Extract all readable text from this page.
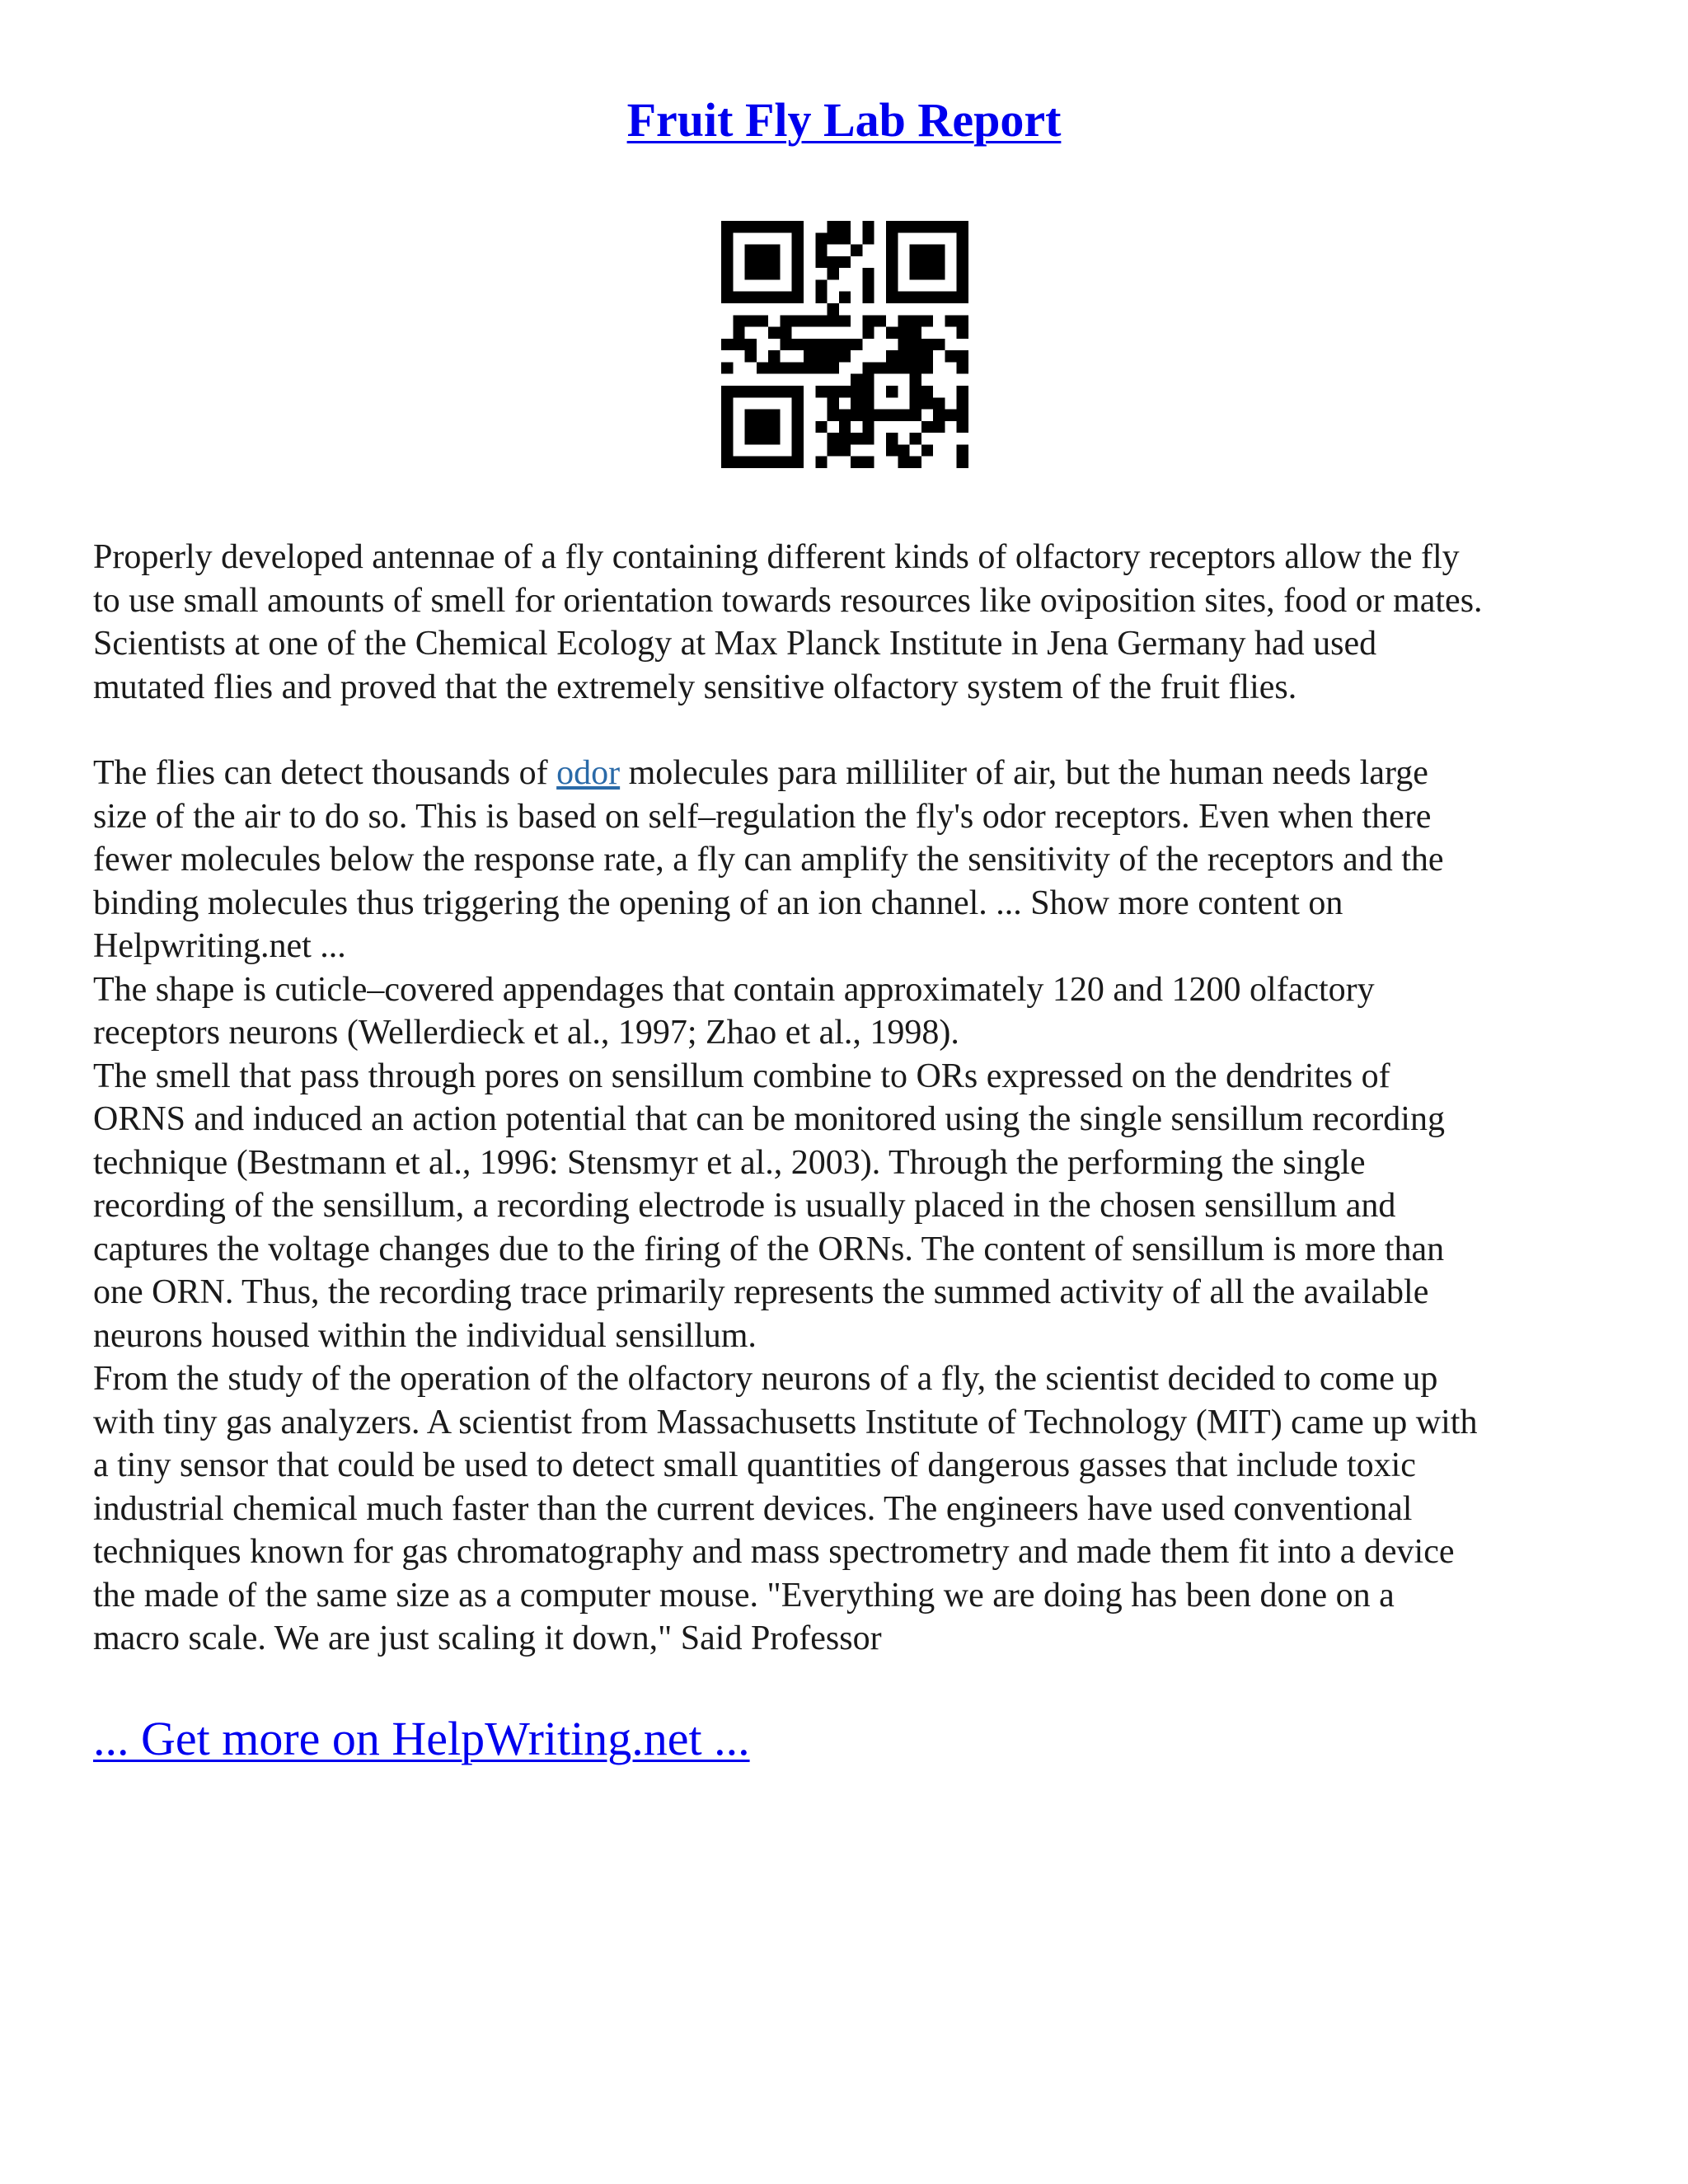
Fruit Fly Lab Report

Properly developed antennae of a fly containing different kinds of olfactory receptors allow the fly

to use small amounts of smell for orientation towards resources like oviposition sites, food or mates.

Scientists at one of the Chemical Ecology at Max Planck Institute in Jena Germany had used

mutated flies and proved that the extremely sensitive olfactory system of the fruit flies.

The flies can detect thousands of odor molecules para milliliter of air, but the human needs large

size of the air to do so. This is based on self–regulation the fly's odor receptors. Even when there

fewer molecules below the response rate, a fly can amplify the sensitivity of the receptors and the

binding molecules thus triggering the opening of an ion channel. ... Show more content on

Helpwriting.net ...

The shape is cuticle–covered appendages that contain approximately 120 and 1200 olfactory

receptors neurons (Wellerdieck et al., 1997; Zhao et al., 1998).

The smell that pass through pores on sensillum combine to ORs expressed on the dendrites of

ORNS and induced an action potential that can be monitored using the single sensillum recording

technique (Bestmann et al., 1996: Stensmyr et al., 2003). Through the performing the single

recording of the sensillum, a recording electrode is usually placed in the chosen sensillum and

captures the voltage changes due to the firing of the ORNs. The content of sensillum is more than

one ORN. Thus, the recording trace primarily represents the summed activity of all the available

neurons housed within the individual sensillum.

From the study of the operation of the olfactory neurons of a fly, the scientist decided to come up

with tiny gas analyzers. A scientist from Massachusetts Institute of Technology (MIT) came up with

a tiny sensor that could be used to detect small quantities of dangerous gasses that include toxic

industrial chemical much faster than the current devices. The engineers have used conventional

techniques known for gas chromatography and mass spectrometry and made them fit into a device

the made of the same size as a computer mouse. "Everything we are doing has been done on a

macro scale. We are just scaling it down," Said Professor

... Get more on HelpWriting.net ...
